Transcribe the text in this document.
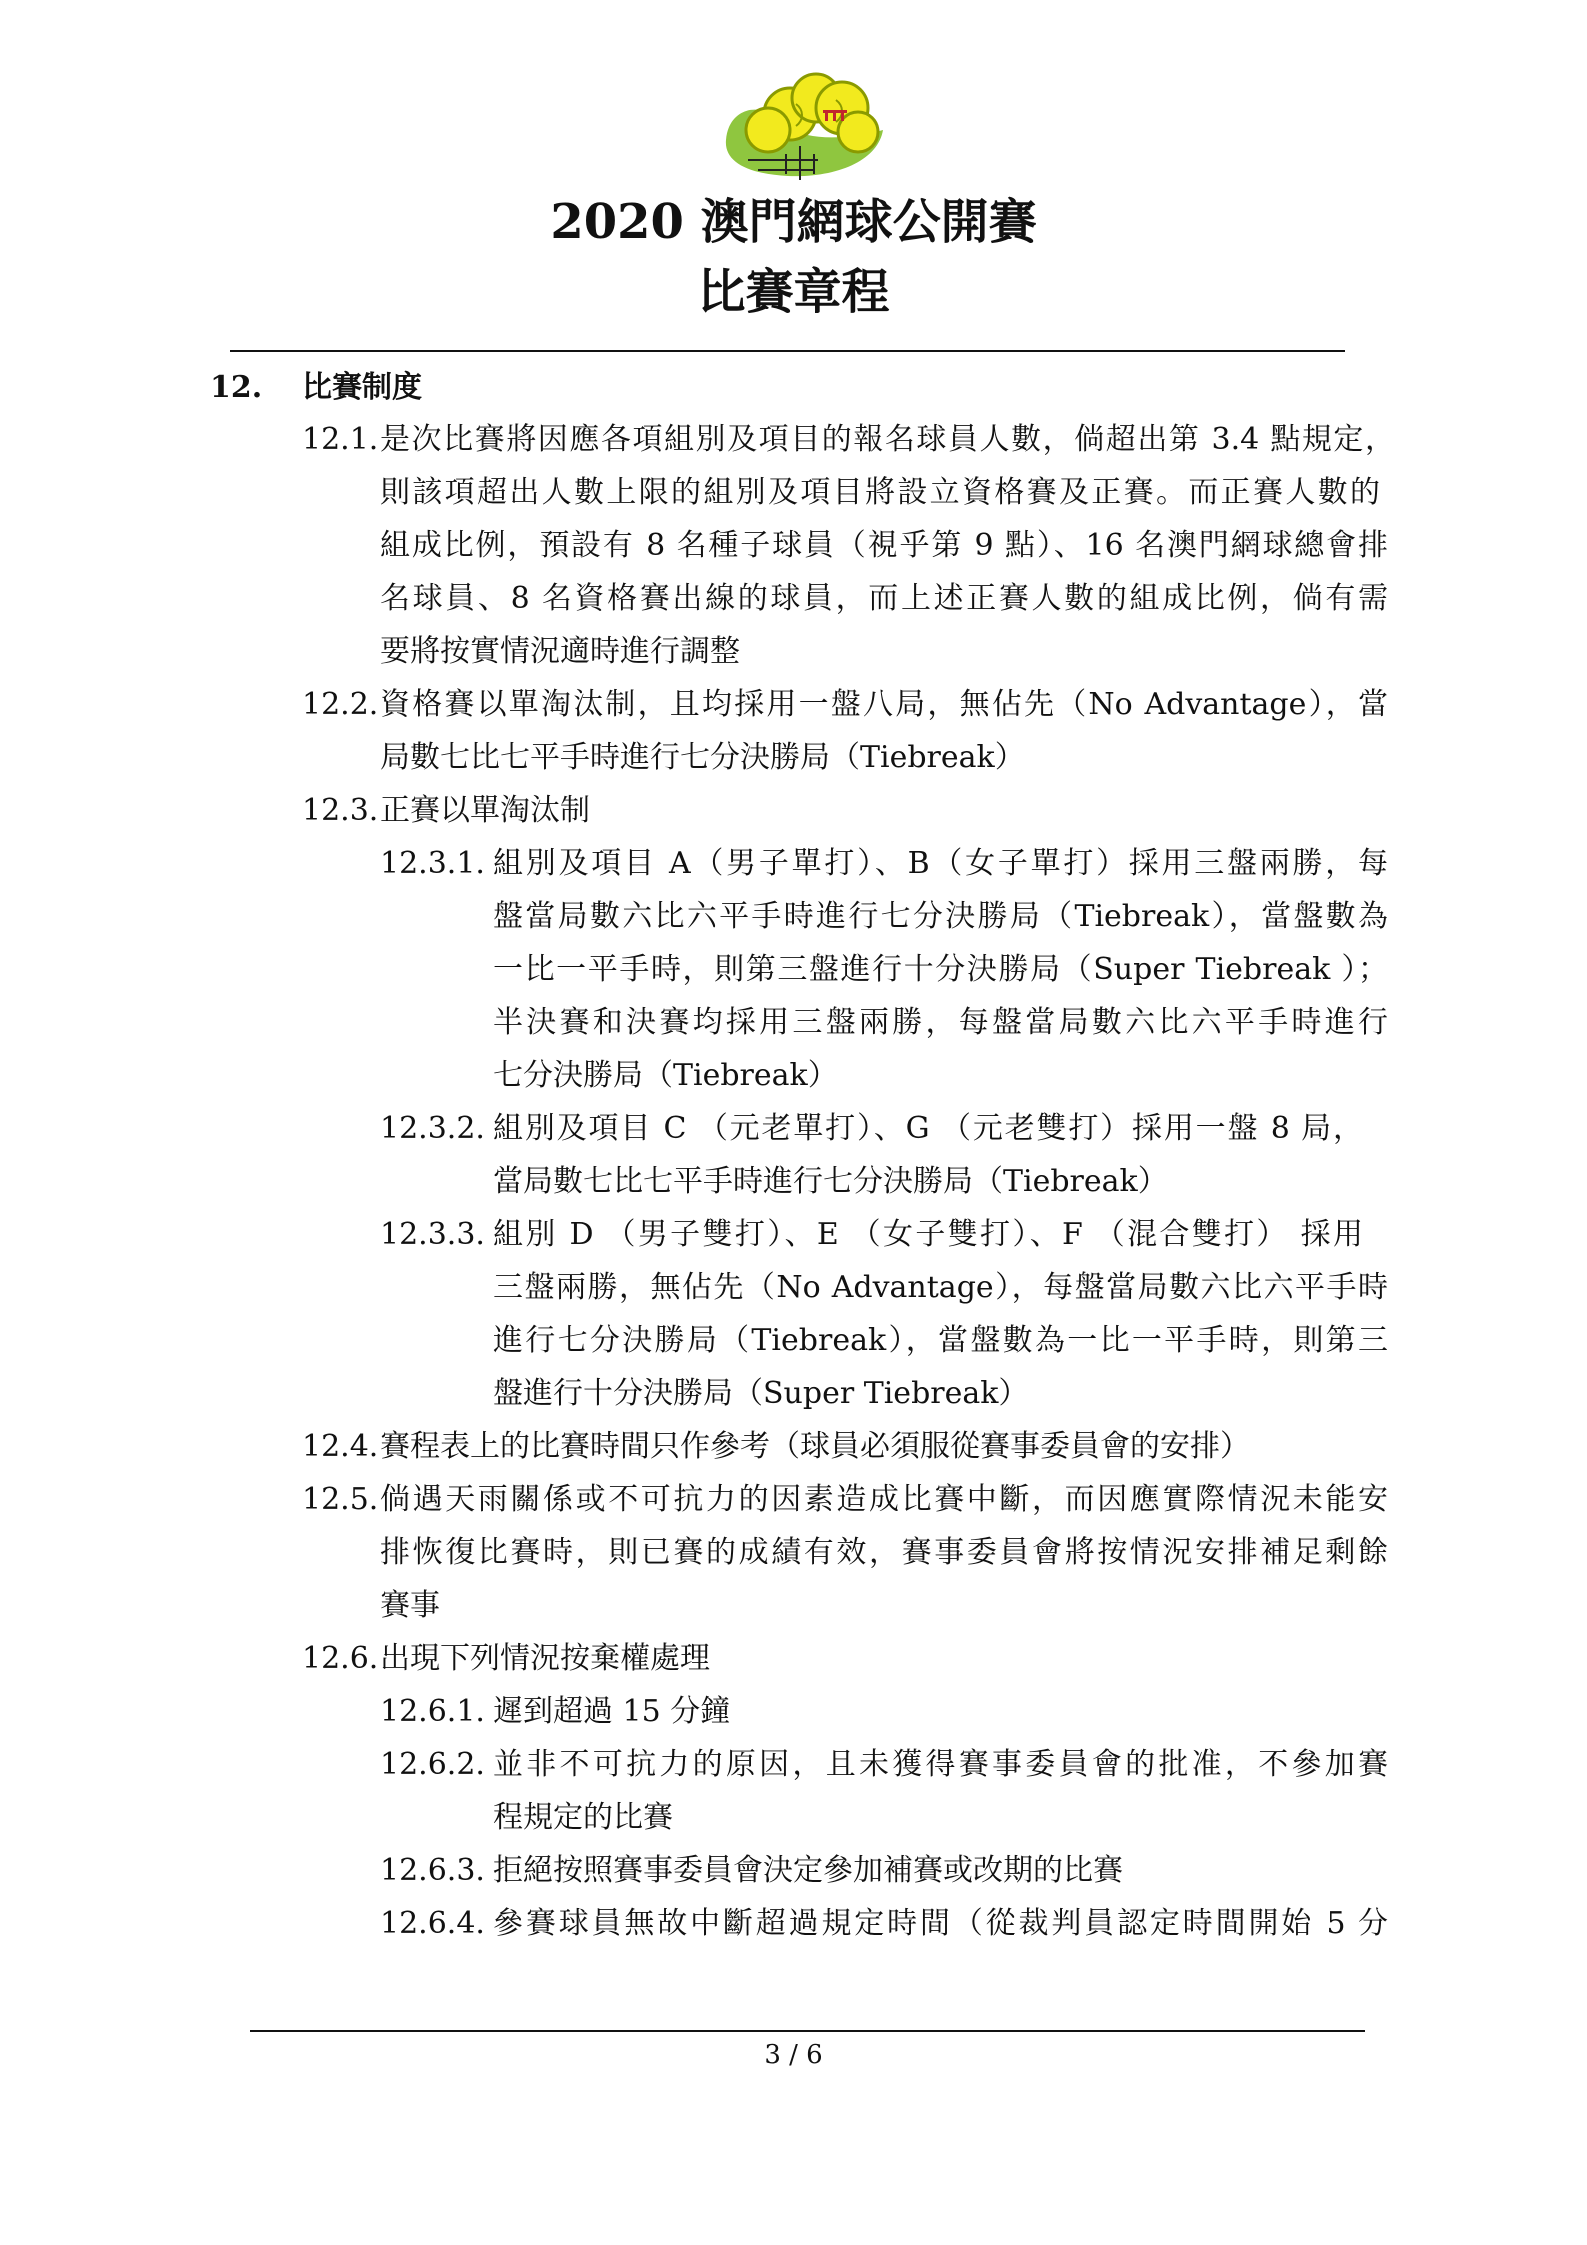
2020 澳門網球公開賽
比賽章程
12. 比賽制度
12.1. 是次比賽將因應各項組別及項目的報名球員人數，倘超出第 3.4 點規定，
則該項超出人數上限的組別及項目將設立資格賽及正賽。而正賽人數的
組成比例，預設有 8 名種子球員（視乎第 9 點）、16 名澳門網球總會排
名球員、8 名資格賽出線的球員，而上述正賽人數的組成比例，倘有需
要將按實情況適時進行調整
12.2. 資格賽以單淘汰制，且均採用一盤八局，無佔先（No Advantage），當
局數七比七平手時進行七分決勝局（Tiebreak）
12.3. 正賽以單淘汰制
12.3.1. 組別及項目 A（男子單打）、B（女子單打）採用三盤兩勝，每
盤當局數六比六平手時進行七分決勝局（Tiebreak），當盤數為
一比一平手時，則第三盤進行十分決勝局（Super Tiebreak ）；
半決賽和決賽均採用三盤兩勝，每盤當局數六比六平手時進行
七分決勝局（Tiebreak）
12.3.2. 組別及項目 C （元老單打）、G （元老雙打）採用一盤 8 局，
當局數七比七平手時進行七分決勝局（Tiebreak）
12.3.3. 組別 D （男子雙打）、E （女子雙打）、F （混合雙打） 採用
三盤兩勝，無佔先（No Advantage），每盤當局數六比六平手時
進行七分決勝局（Tiebreak），當盤數為一比一平手時，則第三
盤進行十分決勝局（Super Tiebreak）
12.4. 賽程表上的比賽時間只作參考（球員必須服從賽事委員會的安排）
12.5. 倘遇天雨關係或不可抗力的因素造成比賽中斷，而因應實際情況未能安
排恢復比賽時，則已賽的成績有效，賽事委員會將按情況安排補足剩餘
賽事
12.6. 出現下列情況按棄權處理
12.6.1. 遲到超過 15 分鐘
12.6.2. 並非不可抗力的原因，且未獲得賽事委員會的批准，不參加賽
程規定的比賽
12.6.3. 拒絕按照賽事委員會決定參加補賽或改期的比賽
12.6.4. 參賽球員無故中斷超過規定時間（從裁判員認定時間開始 5 分
3 / 6
